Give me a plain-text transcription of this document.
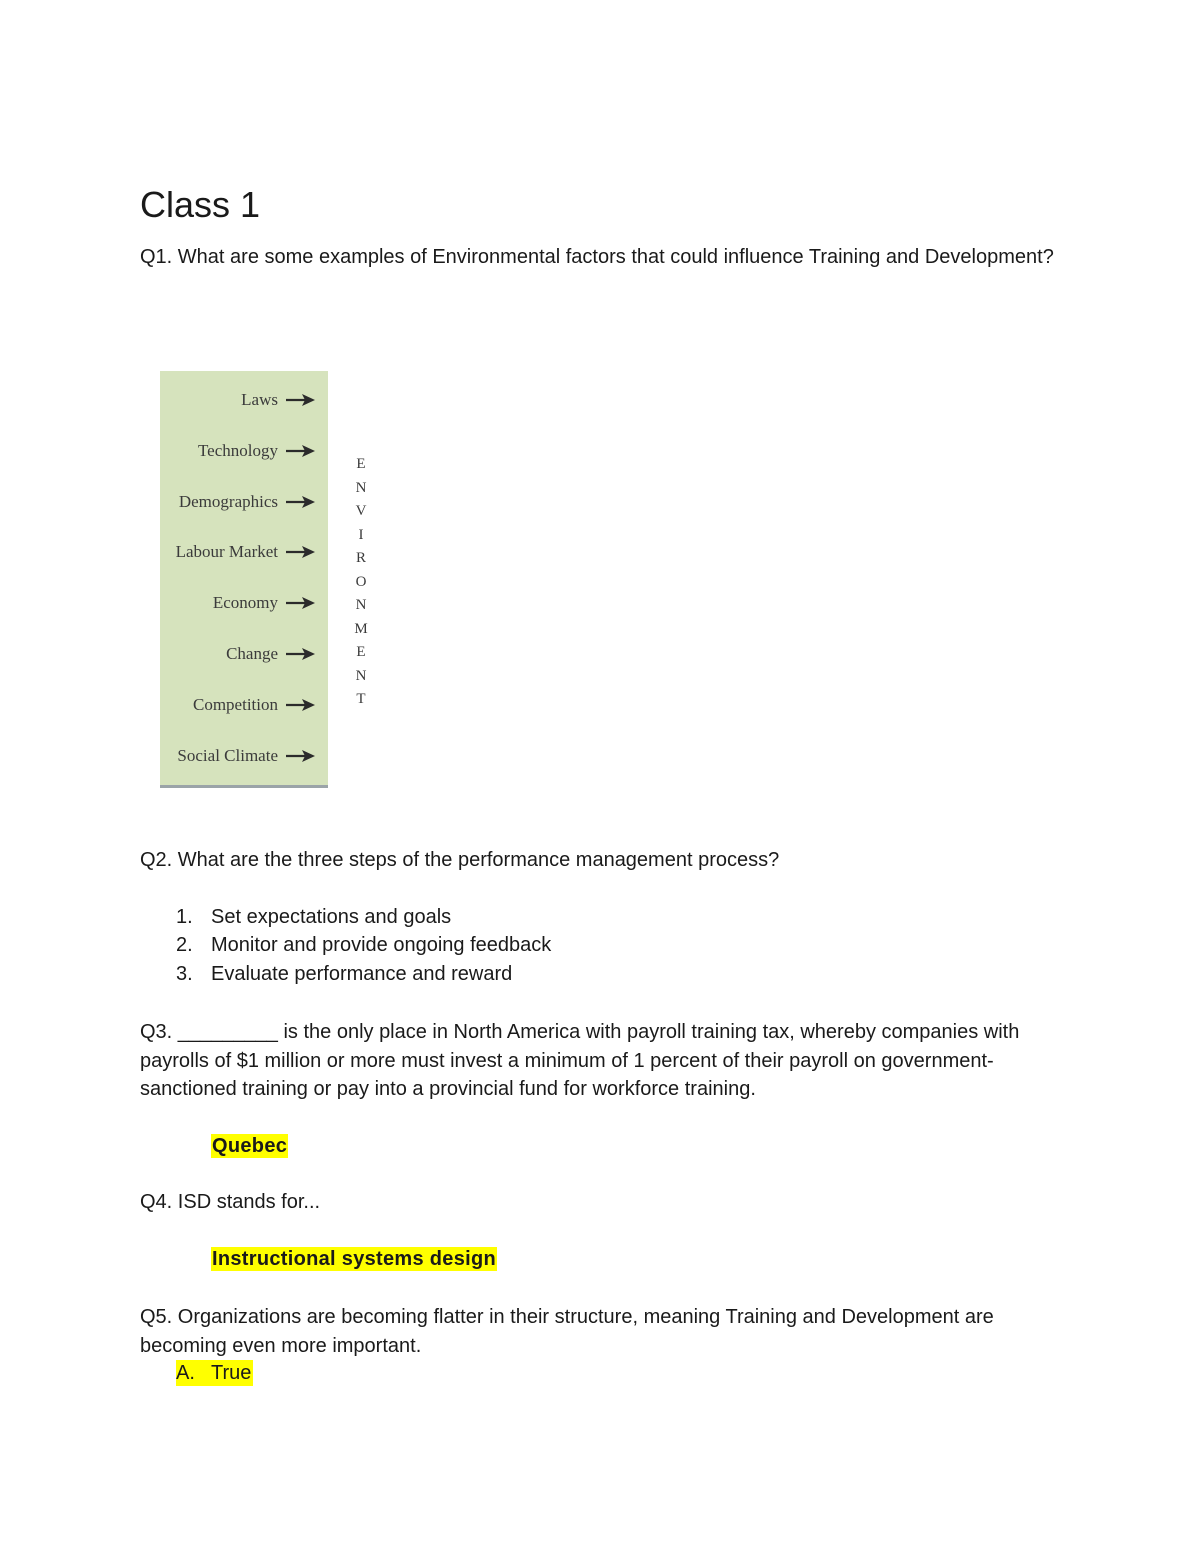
Class 1

Q1. What are some examples of Environmental factors that could influence Training and Development?

Laws
Technology
Demographics
Labour Market
Economy
Change
Competition
Social Climate
E
N
V
I
R
O
N
M
E
N
T

Q2. What are the three steps of the performance management process?

1. Set expectations and goals
2. Monitor and provide ongoing feedback
3. Evaluate performance and reward

Q3. _________ is the only place in North America with payroll training tax, whereby companies with payrolls of $1 million or more must invest a minimum of 1 percent of their payroll on government-sanctioned training or pay into a provincial fund for workforce training.

Quebec

Q4. ISD stands for...

Instructional systems design

Q5. Organizations are becoming flatter in their structure, meaning Training and Development are becoming even more important.

A. True
